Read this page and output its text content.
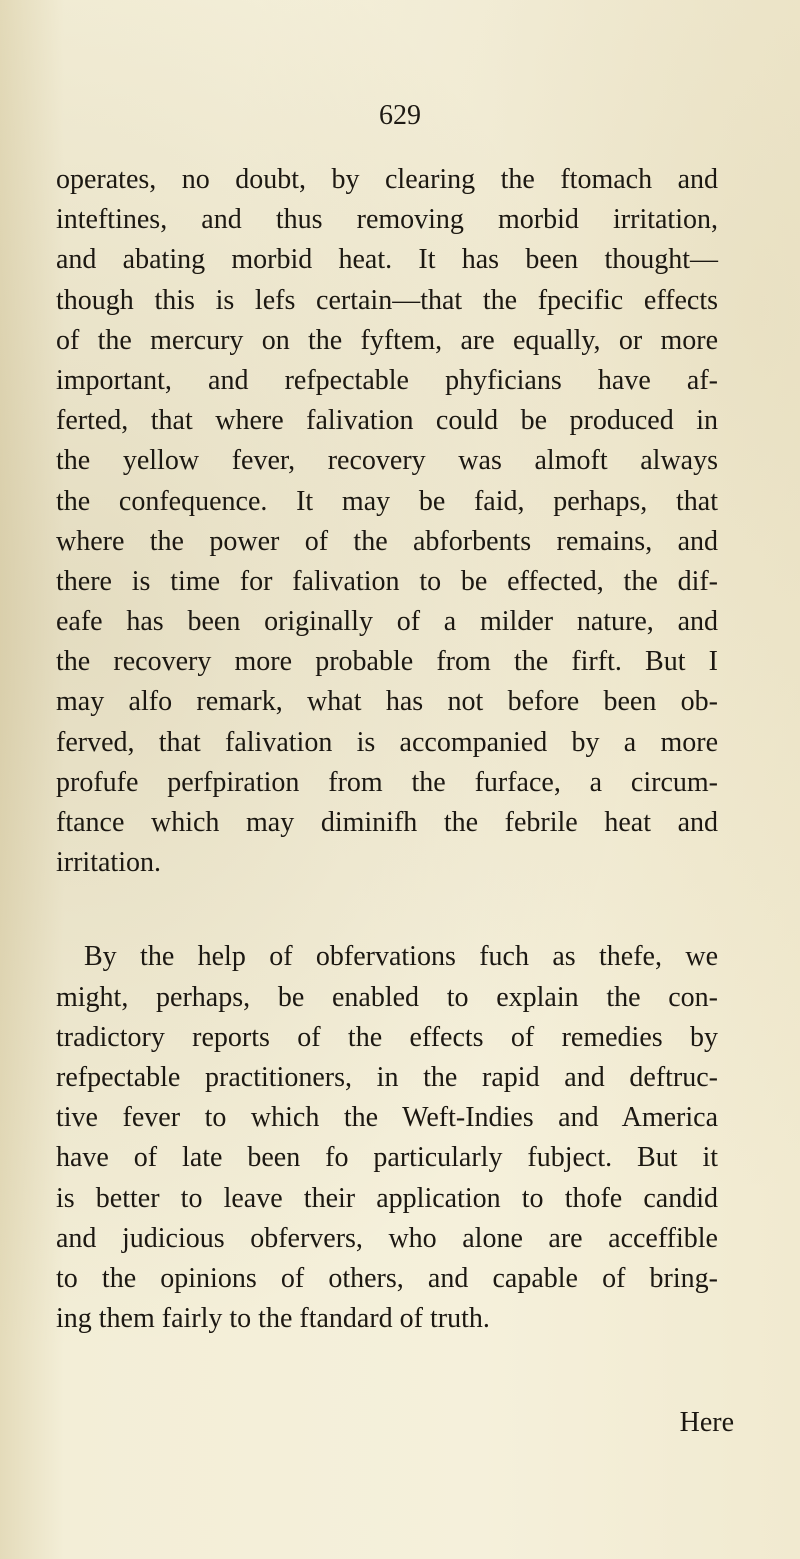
629
operates, no doubt, by clearing the ftomach and
inteftines, and thus removing morbid irritation,
and abating morbid heat. It has been thought—
though this is lefs certain—that the fpecific effects
of the mercury on the fyftem, are equally, or more
important, and refpectable phyficians have af-
ferted, that where falivation could be produced in
the yellow fever, recovery was almoft always
the confequence. It may be faid, perhaps, that
where the power of the abforbents remains, and
there is time for falivation to be effected, the dif-
eafe has been originally of a milder nature, and
the recovery more probable from the firft. But I
may alfo remark, what has not before been ob-
ferved, that falivation is accompanied by a more
profufe perfpiration from the furface, a circum-
ftance which may diminifh the febrile heat and
irritation.
By the help of obfervations fuch as thefe, we
might, perhaps, be enabled to explain the con-
tradictory reports of the effects of remedies by
refpectable practitioners, in the rapid and deftruc-
tive fever to which the Weft-Indies and America
have of late been fo particularly fubject. But it
is better to leave their application to thofe candid
and judicious obfervers, who alone are acceffible
to the opinions of others, and capable of bring-
ing them fairly to the ftandard of truth.
Here
